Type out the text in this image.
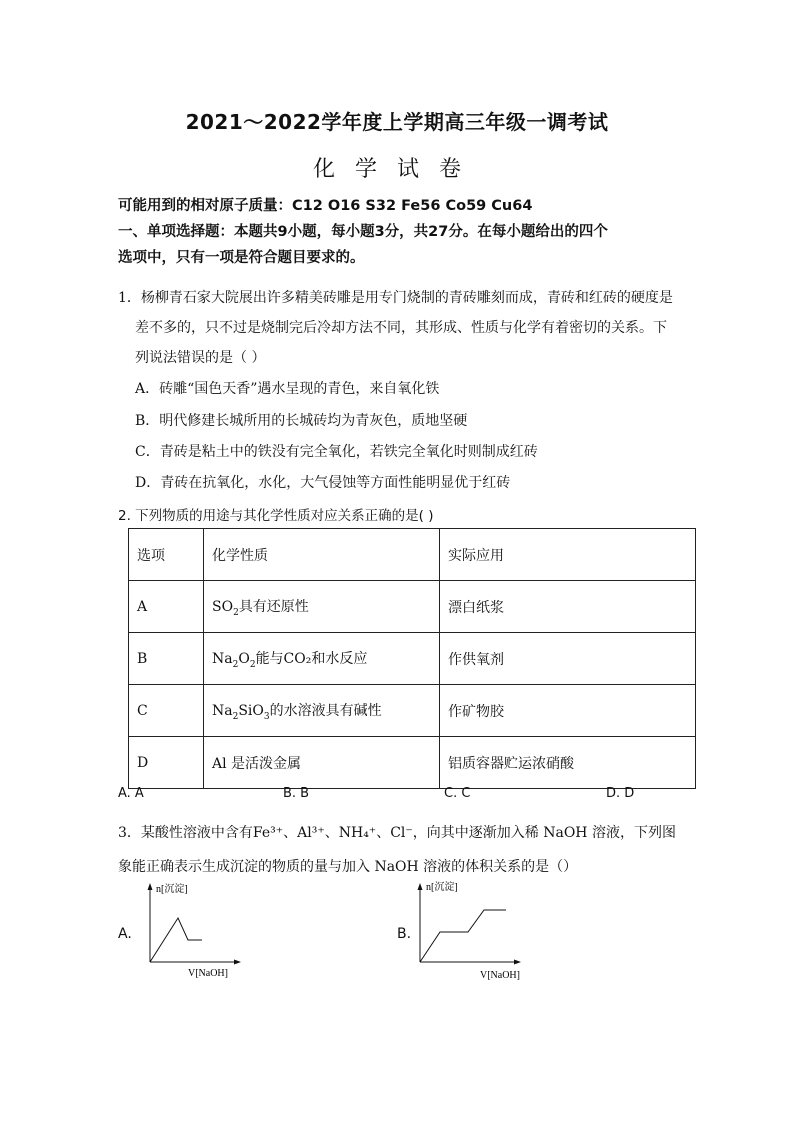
2021～2022学年度上学期高三年级一调考试
化学试卷
可能用到的相对原子质量：C12 O16 S32 Fe56 Co59 Cu64
一、单项选择题：本题共9小题，每小题3分，共27分。在每小题给出的四个
选项中，只有一项是符合题目要求的。
1．杨柳青石家大院展出许多精美砖雕是用专门烧制的青砖雕刻而成，青砖和红砖的硬度是
差不多的，只不过是烧制完后冷却方法不同，其形成、性质与化学有着密切的关系。下
列说法错误的是（ ）
A．砖雕“国色天香”遇水呈现的青色，来自氧化铁
B．明代修建长城所用的长城砖均为青灰色，质地坚硬
C．青砖是粘土中的铁没有完全氧化，若铁完全氧化时则制成红砖
D．青砖在抗氧化，水化，大气侵蚀等方面性能明显优于红砖
2. 下列物质的用途与其化学性质对应关系正确的是( )
选项	化学性质	实际应用
A	$SO_2$具有还原性	漂白纸浆
B	$Na_2O_2$能与CO₂和水反应	作供氧剂
C	$Na_2SiO_3$的水溶液具有碱性	作矿物胶
D	Al 是活泼金属	铝质容器贮运浓硝酸
A. A	B. B	C. C	D. D
3．某酸性溶液中含有Fe³⁺、Al³⁺、NH₄⁺、Cl⁻，向其中逐渐加入稀 NaOH 溶液，下列图
象能正确表示生成沉淀的物质的量与加入 NaOH 溶液的体积关系的是（）
A.
n[沉淀]
V[NaOH]
B.
n[沉淀]
V[NaOH]
